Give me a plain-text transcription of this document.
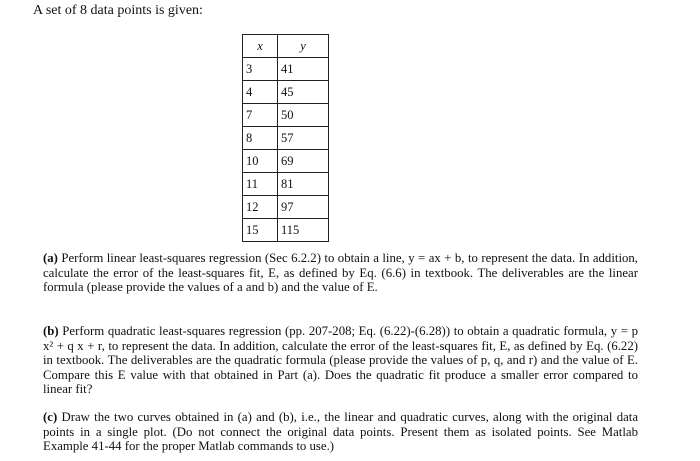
A set of 8 data points is given:

x	y
3	41
4	45
7	50
8	57
10	69
11	81
12	97
15	115

(a) Perform linear least-squares regression (Sec 6.2.2) to obtain a line, y = ax + b, to represent the data. In addition, calculate the error of the least-squares fit, E, as defined by Eq. (6.6) in textbook. The deliverables are the linear formula (please provide the values of a and b) and the value of E.

(b) Perform quadratic least-squares regression (pp. 207-208; Eq. (6.22)-(6.28)) to obtain a quadratic formula, y = p x² + q x + r, to represent the data. In addition, calculate the error of the least-squares fit, E, as defined by Eq. (6.22) in textbook. The deliverables are the quadratic formula (please provide the values of p, q, and r) and the value of E. Compare this E value with that obtained in Part (a). Does the quadratic fit produce a smaller error compared to linear fit?

(c) Draw the two curves obtained in (a) and (b), i.e., the linear and quadratic curves, along with the original data points in a single plot. (Do not connect the original data points. Present them as isolated points. See Matlab Example 41-44 for the proper Matlab commands to use.)
